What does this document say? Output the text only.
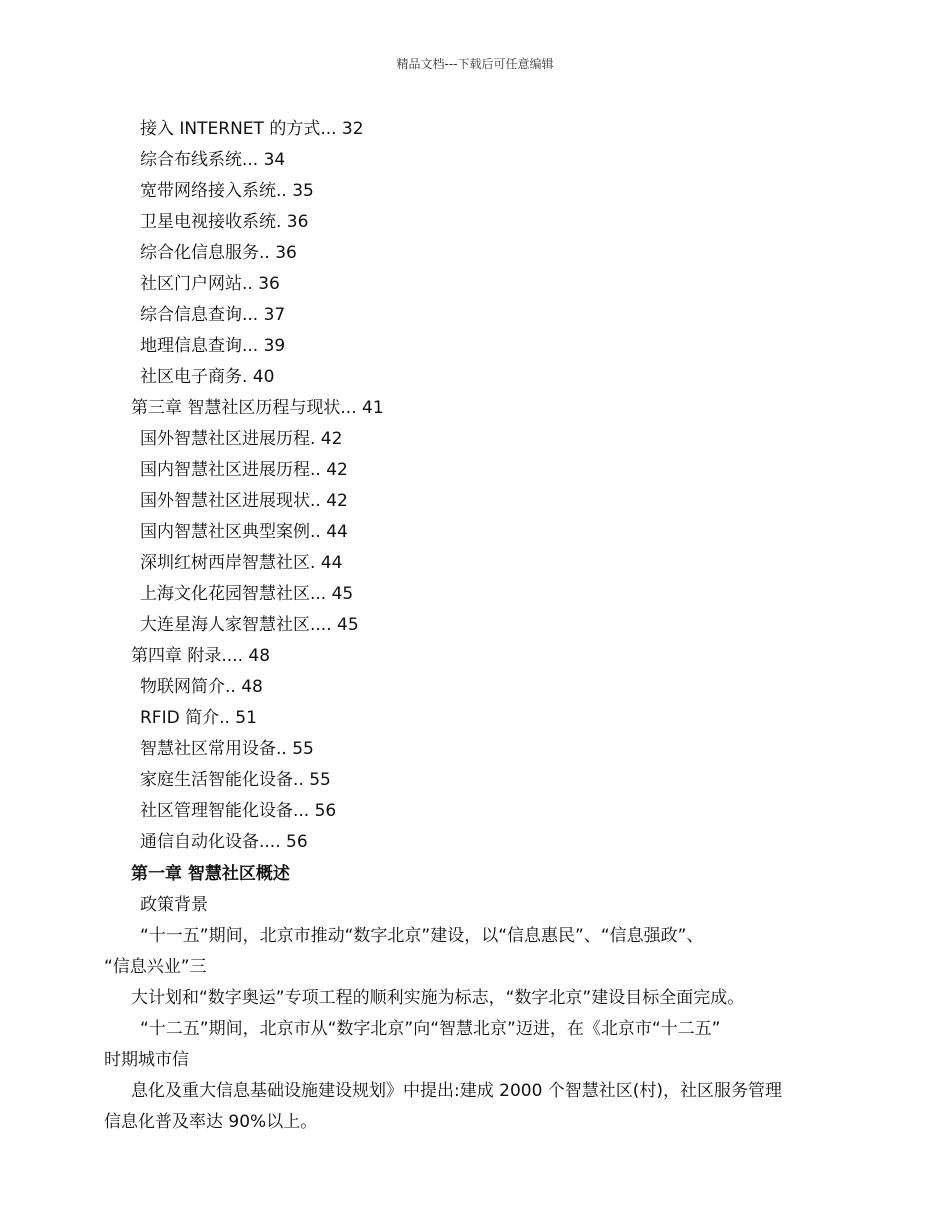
精品文档---下载后可任意编辑
接入 INTERNET 的方式... 32
综合布线系统... 34
宽带网络接入系统.. 35
卫星电视接收系统. 36
综合化信息服务.. 36
社区门户网站.. 36
综合信息查询... 37
地理信息查询... 39
社区电子商务. 40
第三章 智慧社区历程与现状... 41
国外智慧社区进展历程. 42
国内智慧社区进展历程.. 42
国外智慧社区进展现状.. 42
国内智慧社区典型案例.. 44
深圳红树西岸智慧社区. 44
上海文化花园智慧社区... 45
大连星海人家智慧社区.... 45
第四章 附录.... 48
物联网简介.. 48
RFID 简介.. 51
智慧社区常用设备.. 55
家庭生活智能化设备.. 55
社区管理智能化设备... 56
通信自动化设备.... 56
第一章 智慧社区概述
政策背景
“十一五”期间，北京市推动“数字北京”建设，以“信息惠民”、“信息强政”、
“信息兴业”三
大计划和“数字奥运”专项工程的顺利实施为标志，“数字北京”建设目标全面完成。
“十二五”期间，北京市从“数字北京”向“智慧北京”迈进，在《北京市“十二五”
时期城市信
息化及重大信息基础设施建设规划》中提出:建成 2000 个智慧社区(村)，社区服务管理
信息化普及率达 90%以上。
